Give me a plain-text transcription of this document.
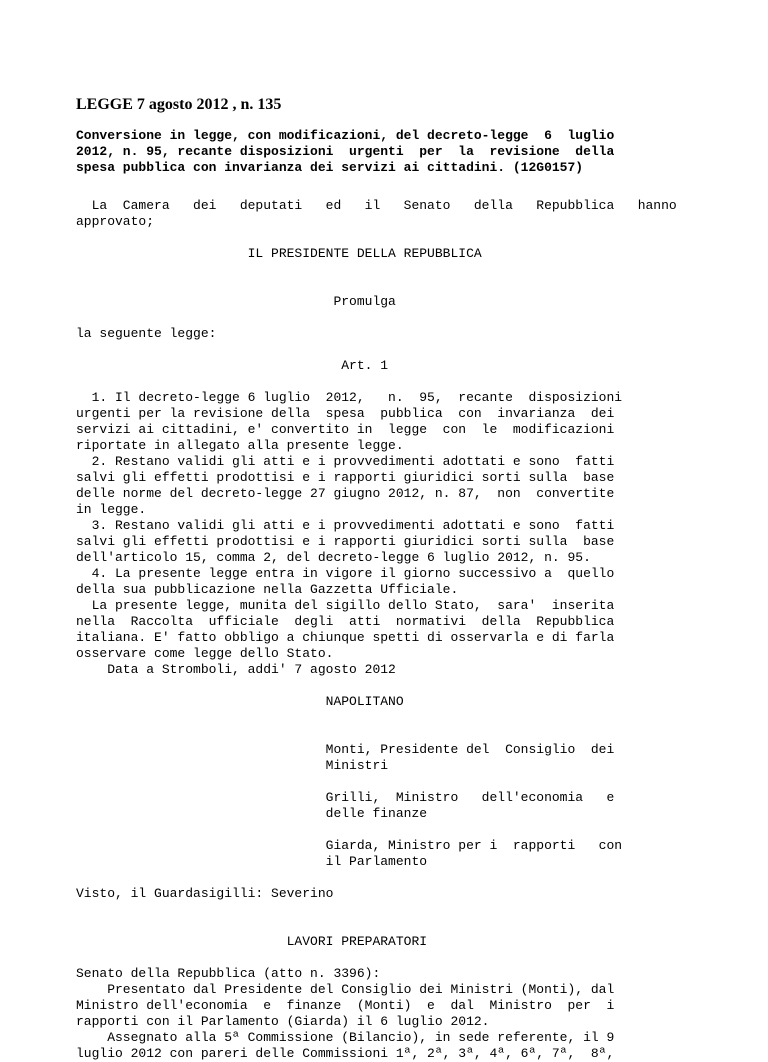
LEGGE 7 agosto 2012 , n. 135
Conversione in legge, con modificazioni, del decreto-legge  6  luglio
2012, n. 95, recante disposizioni  urgenti  per  la  revisione  della
spesa pubblica con invarianza dei servizi ai cittadini. (12G0157)
La  Camera   dei   deputati   ed   il   Senato   della   Repubblica   hanno
approvato;

IL PRESIDENTE DELLA REPUBBLICA

Promulga

la seguente legge:

Art. 1

1. Il decreto-legge 6 luglio  2012,   n.  95,  recante  disposizioni
urgenti per la revisione della  spesa  pubblica  con  invarianza  dei
servizi ai cittadini, e' convertito in  legge  con  le  modificazioni
riportate in allegato alla presente legge.
2. Restano validi gli atti e i provvedimenti adottati e sono  fatti
salvi gli effetti prodottisi e i rapporti giuridici sorti sulla  base
delle norme del decreto-legge 27 giugno 2012, n. 87,  non  convertite
in legge.
3. Restano validi gli atti e i provvedimenti adottati e sono  fatti
salvi gli effetti prodottisi e i rapporti giuridici sorti sulla  base
dell'articolo 15, comma 2, del decreto-legge 6 luglio 2012, n. 95.
4. La presente legge entra in vigore il giorno successivo a  quello
della sua pubblicazione nella Gazzetta Ufficiale.
La presente legge, munita del sigillo dello Stato,  sara'  inserita
nella  Raccolta  ufficiale  degli  atti  normativi  della  Repubblica
italiana. E' fatto obbligo a chiunque spetti di osservarla e di farla
osservare come legge dello Stato.
Data a Stromboli, addi' 7 agosto 2012

NAPOLITANO

Monti, Presidente del  Consiglio  dei
Ministri

Grilli,  Ministro   dell'economia   e
delle finanze

Giarda, Ministro per i  rapporti   con
il Parlamento

Visto, il Guardasigilli: Severino

LAVORI PREPARATORI

Senato della Repubblica (atto n. 3396):
Presentato dal Presidente del Consiglio dei Ministri (Monti), dal
Ministro dell'economia  e  finanze  (Monti)  e  dal  Ministro  per  i
rapporti con il Parlamento (Giarda) il 6 luglio 2012.
Assegnato alla 5ª Commissione (Bilancio), in sede referente, il 9
luglio 2012 con pareri delle Commissioni 1ª, 2ª, 3ª, 4ª, 6ª, 7ª,  8ª,
